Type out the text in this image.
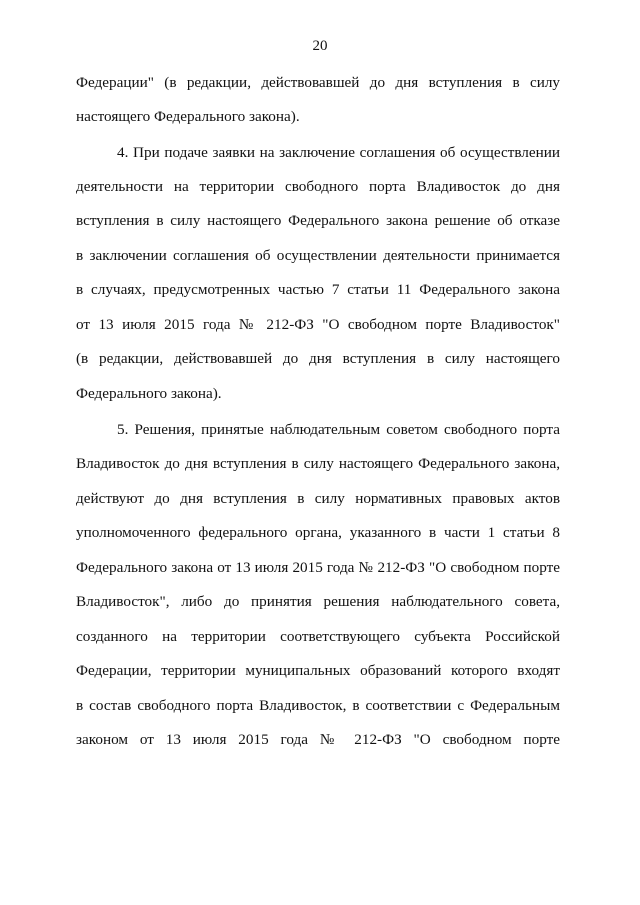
20
Федерации" (в редакции, действовавшей до дня вступления в силу
настоящего Федерального закона).
4. При подаче заявки на заключение соглашения об осуществлении
деятельности на территории свободного порта Владивосток до дня
вступления в силу настоящего Федерального закона решение об отказе
в заключении соглашения об осуществлении деятельности принимается
в случаях, предусмотренных частью 7 статьи 11 Федерального закона
от 13 июля 2015 года № 212-ФЗ "О свободном порте Владивосток"
(в редакции, действовавшей до дня вступления в силу настоящего
Федерального закона).
5. Решения, принятые наблюдательным советом свободного порта
Владивосток до дня вступления в силу настоящего Федерального закона,
действуют до дня вступления в силу нормативных правовых актов
уполномоченного федерального органа, указанного в части 1 статьи 8
Федерального закона от 13 июля 2015 года № 212-ФЗ "О свободном порте
Владивосток", либо до принятия решения наблюдательного совета,
созданного на территории соответствующего субъекта Российской
Федерации, территории муниципальных образований которого входят
в состав свободного порта Владивосток, в соответствии с Федеральным
законом от 13 июля 2015 года № 212-ФЗ "О свободном порте
